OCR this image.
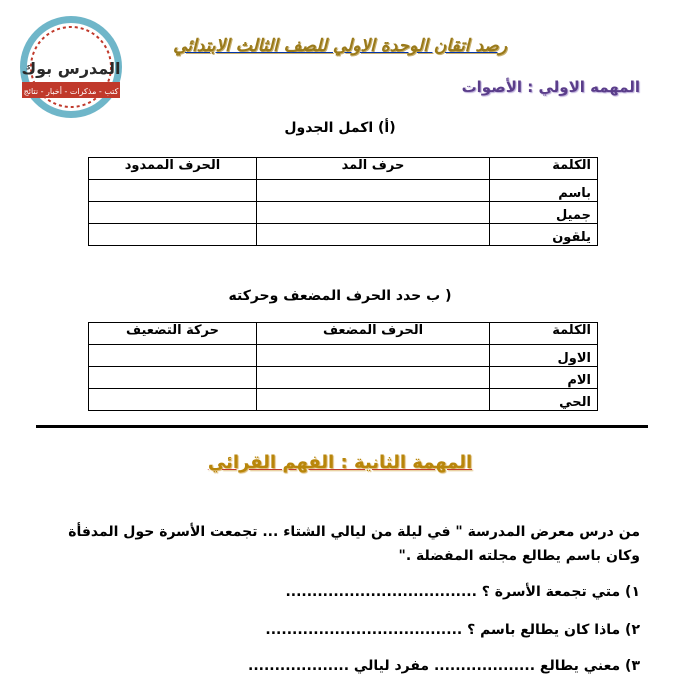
المدرس بوك
كتب - مذكرات - أخبار - نتائج
رصد اتقان الوحدة الاولي للصف الثالث الابتدائي
المهمه الاولي : الأصوات
(أ) اكمل الجدول
الكلمة	حرف المد	الحرف الممدود
باسم		
جميل		
يلقون		
( ب حدد الحرف المضعف وحركته
الكلمة	الحرف المضعف	حركة التضعيف
الاول		
الام		
الحي		
المهمة الثانية : الفهم القرائي
من درس معرض المدرسة " في ليلة من ليالي الشتاء ... تجمعت الأسرة حول المدفأة وكان باسم يطالع مجلته المفضلة ."
١) متي تجمعة الأسرة ؟ ....................................
٢) ماذا كان يطالع باسم ؟ .....................................
٣) معني يطالع ................... مفرد ليالي ...................
